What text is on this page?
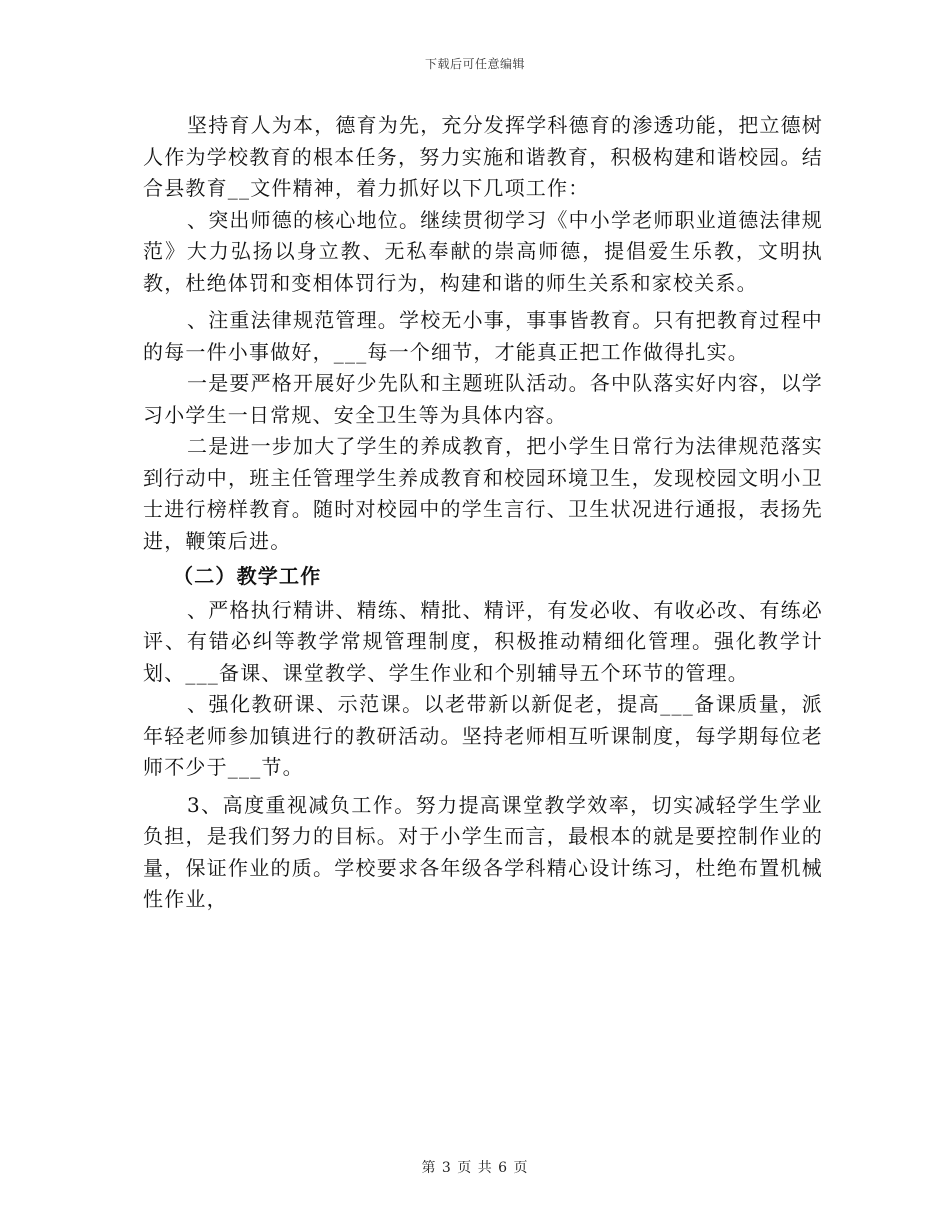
下载后可任意编辑

坚持育人为本，德育为先，充分发挥学科德育的渗透功能，把立德树人作为学校教育的根本任务，努力实施和谐教育，积极构建和谐校园。结合县教育__文件精神，着力抓好以下几项工作：

、突出师德的核心地位。继续贯彻学习《中小学老师职业道德法律规范》大力弘扬以身立教、无私奉献的崇高师德，提倡爱生乐教，文明执教，杜绝体罚和变相体罚行为，构建和谐的师生关系和家校关系。

、注重法律规范管理。学校无小事，事事皆教育。只有把教育过程中的每一件小事做好，___每一个细节，才能真正把工作做得扎实。

一是要严格开展好少先队和主题班队活动。各中队落实好内容，以学习小学生一日常规、安全卫生等为具体内容。

二是进一步加大了学生的养成教育，把小学生日常行为法律规范落实到行动中，班主任管理学生养成教育和校园环境卫生，发现校园文明小卫士进行榜样教育。随时对校园中的学生言行、卫生状况进行通报，表扬先进，鞭策后进。

（二）教学工作

、严格执行精讲、精练、精批、精评，有发必收、有收必改、有练必评、有错必纠等教学常规管理制度，积极推动精细化管理。强化教学计划、___备课、课堂教学、学生作业和个别辅导五个环节的管理。

、强化教研课、示范课。以老带新以新促老，提高___备课质量，派年轻老师参加镇进行的教研活动。坚持老师相互听课制度，每学期每位老师不少于___节。

3、高度重视减负工作。努力提高课堂教学效率，切实减轻学生学业负担，是我们努力的目标。对于小学生而言，最根本的就是要控制作业的量，保证作业的质。学校要求各年级各学科精心设计练习，杜绝布置机械性作业，

第 3 页 共 6 页
